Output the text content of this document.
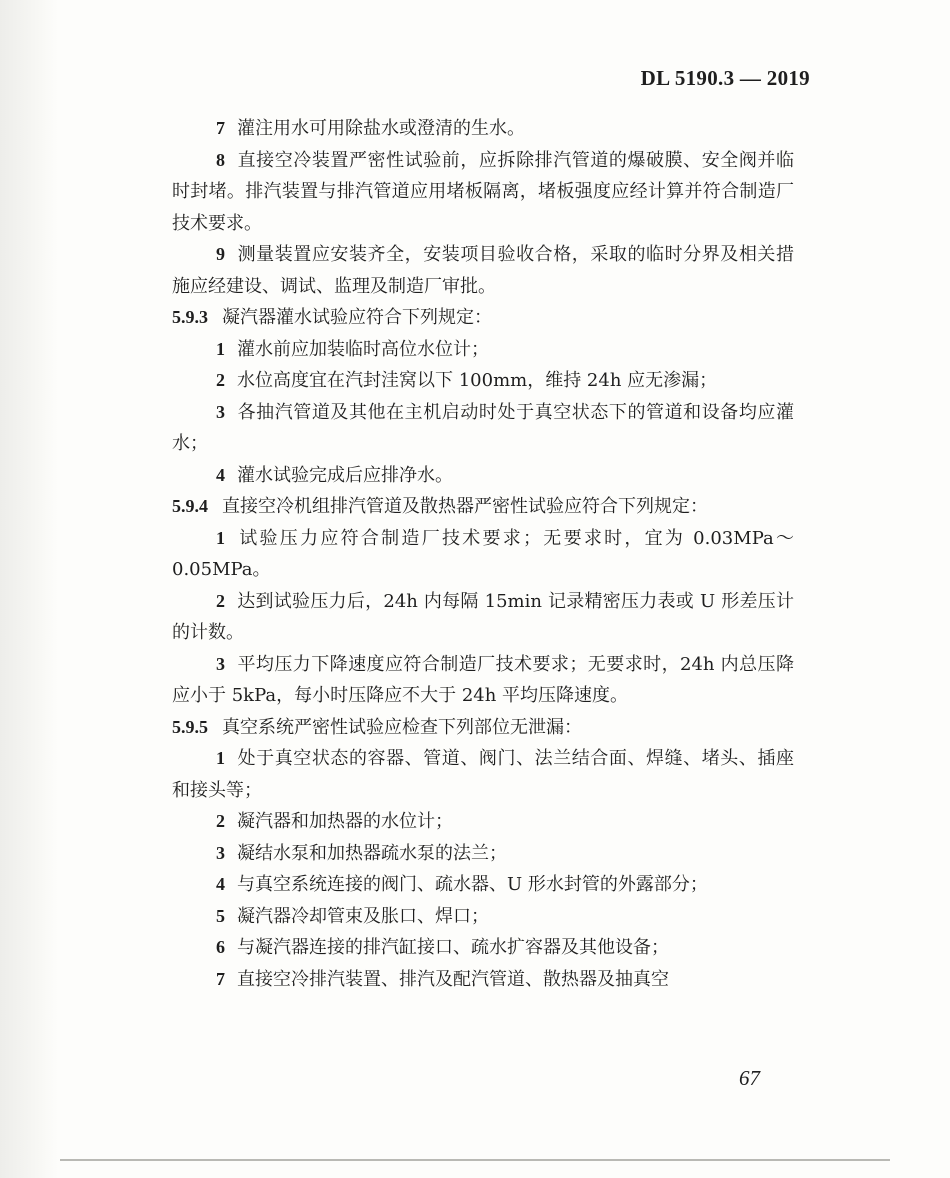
DL 5190.3 — 2019

7 灌注用水可用除盐水或澄清的生水。

8 直接空冷装置严密性试验前，应拆除排汽管道的爆破膜、安全阀并临时封堵。排汽装置与排汽管道应用堵板隔离，堵板强度应经计算并符合制造厂技术要求。

9 测量装置应安装齐全，安装项目验收合格，采取的临时分界及相关措施应经建设、调试、监理及制造厂审批。

5.9.3 凝汽器灌水试验应符合下列规定：

1 灌水前应加装临时高位水位计；

2 水位高度宜在汽封洼窝以下 100mm，维持 24h 应无渗漏；

3 各抽汽管道及其他在主机启动时处于真空状态下的管道和设备均应灌水；

4 灌水试验完成后应排净水。

5.9.4 直接空冷机组排汽管道及散热器严密性试验应符合下列规定：

1 试验压力应符合制造厂技术要求；无要求时，宜为 0.03MPa～0.05MPa。

2 达到试验压力后，24h 内每隔 15min 记录精密压力表或 U 形差压计的计数。

3 平均压力下降速度应符合制造厂技术要求；无要求时，24h 内总压降应小于 5kPa，每小时压降应不大于 24h 平均压降速度。

5.9.5 真空系统严密性试验应检查下列部位无泄漏：

1 处于真空状态的容器、管道、阀门、法兰结合面、焊缝、堵头、插座和接头等；

2 凝汽器和加热器的水位计；

3 凝结水泵和加热器疏水泵的法兰；

4 与真空系统连接的阀门、疏水器、U 形水封管的外露部分；

5 凝汽器冷却管束及胀口、焊口；

6 与凝汽器连接的排汽缸接口、疏水扩容器及其他设备；

7 直接空冷排汽装置、排汽及配汽管道、散热器及抽真空

67
